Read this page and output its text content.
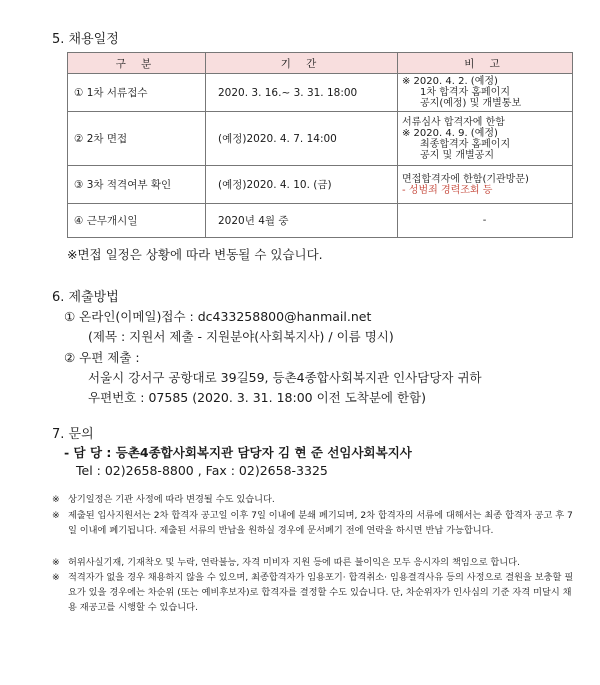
5. 채용일정
구 분	기 간	비 고
① 1차 서류접수	2020. 3. 16.~ 3. 31. 18:00	※ 2020. 4. 2. (예정)
1차 합격자 홈페이지
공지(예정) 및 개별통보

② 2차 면접	(예정)2020. 4. 7. 14:00	서류심사 합격자에 한함
※ 2020. 4. 9. (예정)
최종합격자 홈페이지
공지 및 개별공지

③ 3차 적격여부 확인	(예정)2020. 4. 10. (금)	면접합격자에 한함(기관방문)
- 성범죄 경력조회 등

④ 근무개시일	2020년 4월 중	-
※면접 일정은 상황에 따라 변동될 수 있습니다.
6. 제출방법
① 온라인(이메일)접수 : dc433258800@hanmail.net
(제목 : 지원서 제출 - 지원분야(사회복지사) / 이름 명시)
② 우편 제출 :
서울시 강서구 공항대로 39길59, 등촌4종합사회복지관 인사담당자 귀하
우편번호 : 07585 (2020. 3. 31. 18:00 이전 도착분에 한함)
7. 문의
- 담 당 : 등촌4종합사회복지관 담당자 김 현 준 선임사회복지사
Tel : 02)2658-8800 , Fax : 02)2658-3325
※ 상기일정은 기관 사정에 따라 변경될 수도 있습니다.
※ 제출된 입사지원서는 2차 합격자 공고일 이후 7일 이내에 분쇄 폐기되며, 2차 합격자의 서류에 대해서는 최종 합격자 공고 후 7일 이내에 폐기됩니다. 제출된 서류의 반납을 원하실 경우에 문서폐기 전에 연락을 하시면 반납 가능합니다.
※ 허위사실기재, 기재착오 및 누락, 연락불능, 자격 미비자 지원 등에 따른 불이익은 모두 응시자의 책임으로 합니다.
※ 적격자가 없을 경우 채용하지 않을 수 있으며, 최종합격자가 임용포기· 합격취소· 임용결격사유 등의 사정으로 결원을 보충할 필요가 있을 경우에는 차순위 (또는 예비후보자)로 합격자를 결정할 수도 있습니다. 단, 차순위자가 인사심의 기준 자격 미달시 채용 재공고를 시행할 수 있습니다.
